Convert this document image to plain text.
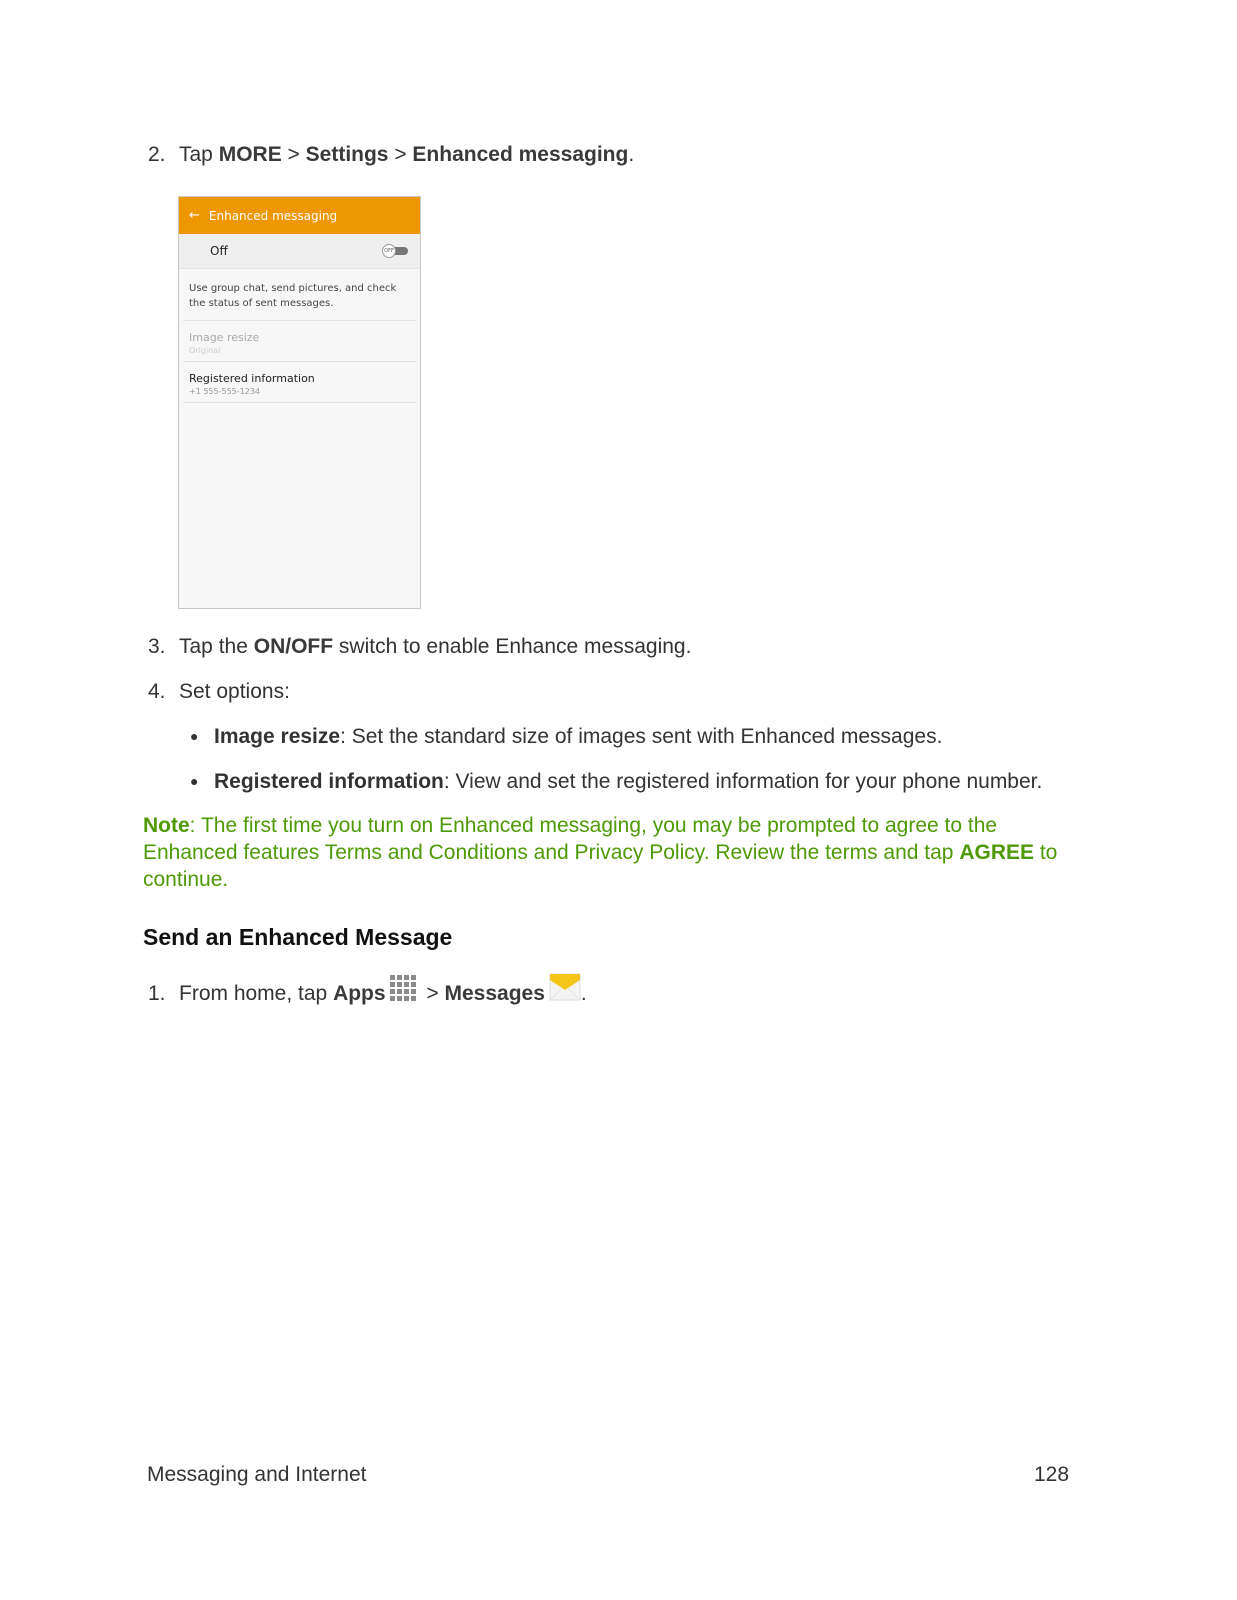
2. Tap MORE > Settings > Enhanced messaging.
← Enhanced messaging
Off	OFF
Use group chat, send pictures, and check the status of sent messages.
Image resize
Original
Registered information
+1 555-555-1234
3. Tap the ON/OFF switch to enable Enhance messaging.
4. Set options:
● Image resize: Set the standard size of images sent with Enhanced messages.
● Registered information: View and set the registered information for your phone number.
Note: The first time you turn on Enhanced messaging, you may be prompted to agree to the Enhanced features Terms and Conditions and Privacy Policy. Review the terms and tap AGREE to continue.
Send an Enhanced Message
1. From home, tap Apps > Messages .
Messaging and Internet	128
